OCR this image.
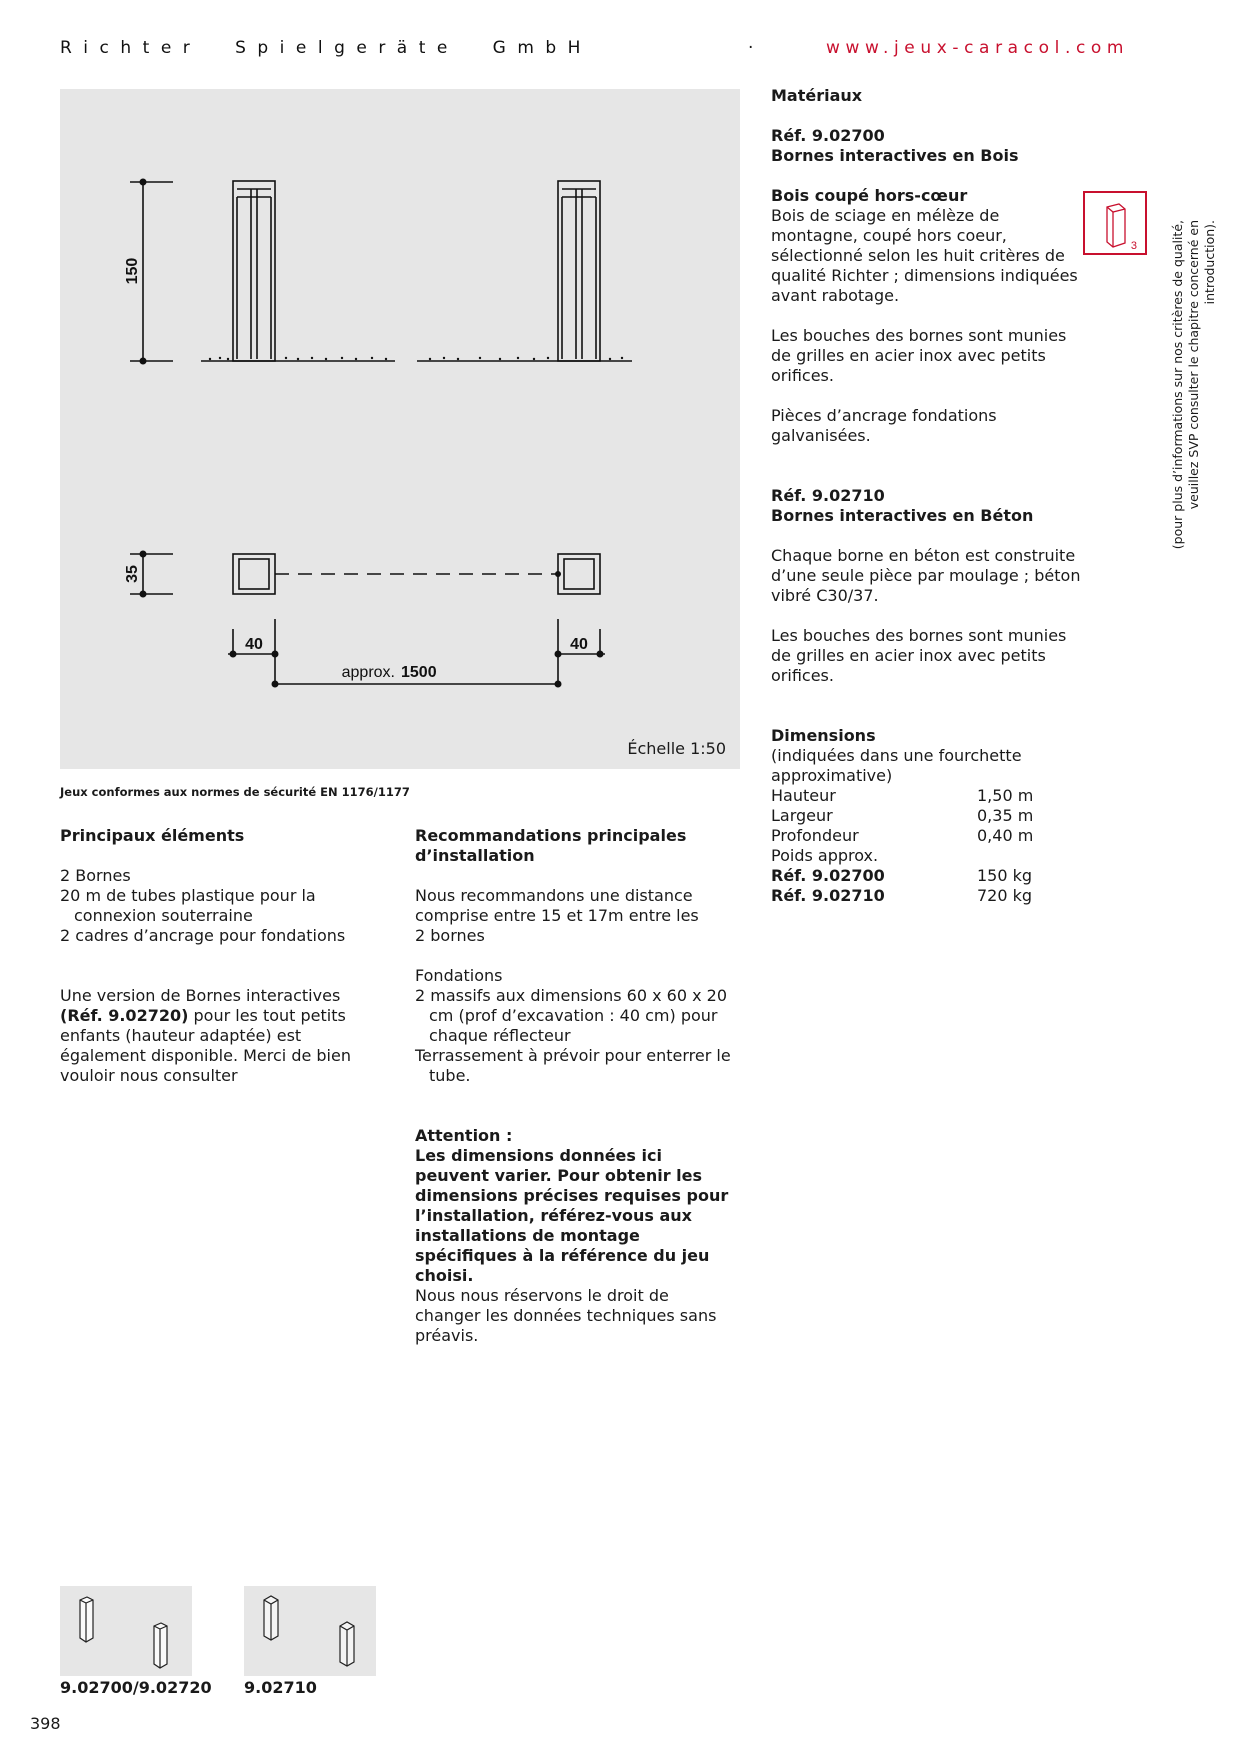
Richter  Spielgeräte  GmbH	·	www.jeux-caracol.com
150
35
40	40
approx. 1500
Échelle 1:50
Jeux conformes aux normes de sécurité EN 1176/1177

Principaux éléments

2 Bornes

20 m de tubes plastique pour la connexion souterraine

2 cadres d’ancrage pour fondations

Une version de Bornes interactives (Réf. 9.02720) pour les tout petits enfants (hauteur adaptée) est également disponible. Merci de bien vouloir nous consulter

Recommandations principales d’installation

Nous recommandons une distance comprise entre 15 et 17m entre les 2 bornes

Fondations

2 massifs aux dimensions 60 x 60 x 20 cm (prof d’excavation : 40 cm) pour chaque réflecteur

Terrassement à prévoir pour enterrer le tube.

Attention :

Les dimensions données ici peuvent varier. Pour obtenir les dimensions précises requises pour l’installation, référez-vous aux installations de montage spécifiques à la référence du jeu choisi.

Nous nous réservons le droit de changer les données techniques sans préavis.

Matériaux

Réf. 9.02700

Bornes interactives en Bois

Bois coupé hors-cœur

Bois de sciage en mélèze de montagne, coupé hors coeur, sélectionné selon les huit critères de qualité Richter ; dimensions indiquées avant rabotage.

Les bouches des bornes sont munies de grilles en acier inox avec petits orifices.

Pièces d’ancrage fondations galvanisées.

Réf. 9.02710

Bornes interactives en Béton

Chaque borne en béton est construite d’une seule pièce par moulage ; béton vibré C30/37.

Les bouches des bornes sont munies de grilles en acier inox avec petits orifices.

Dimensions

(indiquées dans une fourchette approximative)

Hauteur	1,50 m
Largeur	0,35 m
Profondeur	0,40 m
Poids approx.	
Réf. 9.02700	150 kg
Réf. 9.02710	720 kg
3	(pour plus d’informations sur nos critères de qualité, veuillez SVP consulter le chapitre concerné en introduction).
9.02700/9.02720 9.02710
398
